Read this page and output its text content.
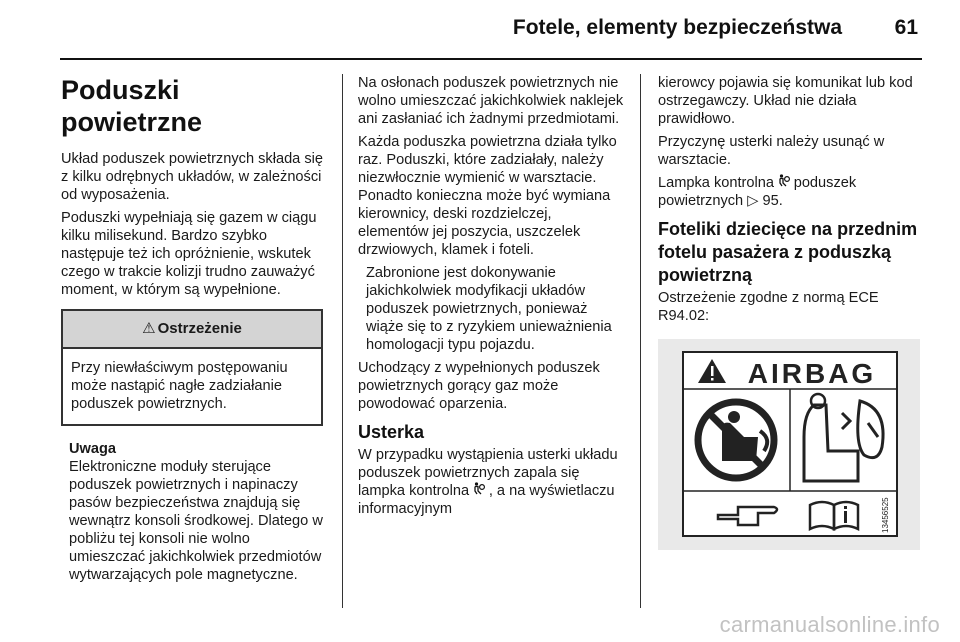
Fotele, elementy bezpieczeństwa	61
Poduszki powietrzne

Układ poduszek powietrznych składa się z kilku odrębnych układów, w zależności od wyposażenia.

Poduszki wypełniają się gazem w ciągu kilku milisekund. Bardzo szybko następuje też ich opróżnienie, wskutek czego w trakcie kolizji trudno zauważyć moment, w którym są wypełnione.

⚠ Ostrzeżenie
Przy niewłaściwym postępowaniu może nastąpić nagłe zadziałanie poduszek powietrznych.
Uwaga
Elektroniczne moduły sterujące poduszek powietrznych i napinaczy pasów bezpieczeństwa znajdują się wewnątrz konsoli środkowej. Dlatego w pobliżu tej konsoli nie wolno umieszczać jakichkolwiek przedmiotów wytwarzających pole magnetyczne.

Na osłonach poduszek powietrznych nie wolno umieszczać jakichkolwiek naklejek ani zasłaniać ich żadnymi przedmiotami.

Każda poduszka powietrzna działa tylko raz. Poduszki, które zadziałały, należy niezwłocznie wymienić w warsztacie. Ponadto konieczna może być wymiana kierownicy, deski rozdzielczej, elementów jej poszycia, uszczelek drzwiowych, klamek i foteli.

Zabronione jest dokonywanie jakichkolwiek modyfikacji układów poduszek powietrznych, ponieważ wiąże się to z ryzykiem unieważnienia homologacji typu pojazdu.

Uchodzący z wypełnionych poduszek powietrznych gorący gaz może powodować oparzenia.

Usterka

W przypadku wystąpienia usterki układu poduszek powietrznych zapala się lampka kontrolna , a na wyświetlaczu informacyjnym

kierowcy pojawia się komunikat lub kod ostrzegawczy. Układ nie działa prawidłowo.

Przyczynę usterki należy usunąć w warsztacie.

Lampka kontrolna poduszek powietrznych ▷ 95.

Foteliki dziecięce na przednim fotelu pasażera z poduszką powietrzną

Ostrzeżenie zgodne z normą ECE R94.02:

AIRBAG
13456525
carmanualsonline.info
